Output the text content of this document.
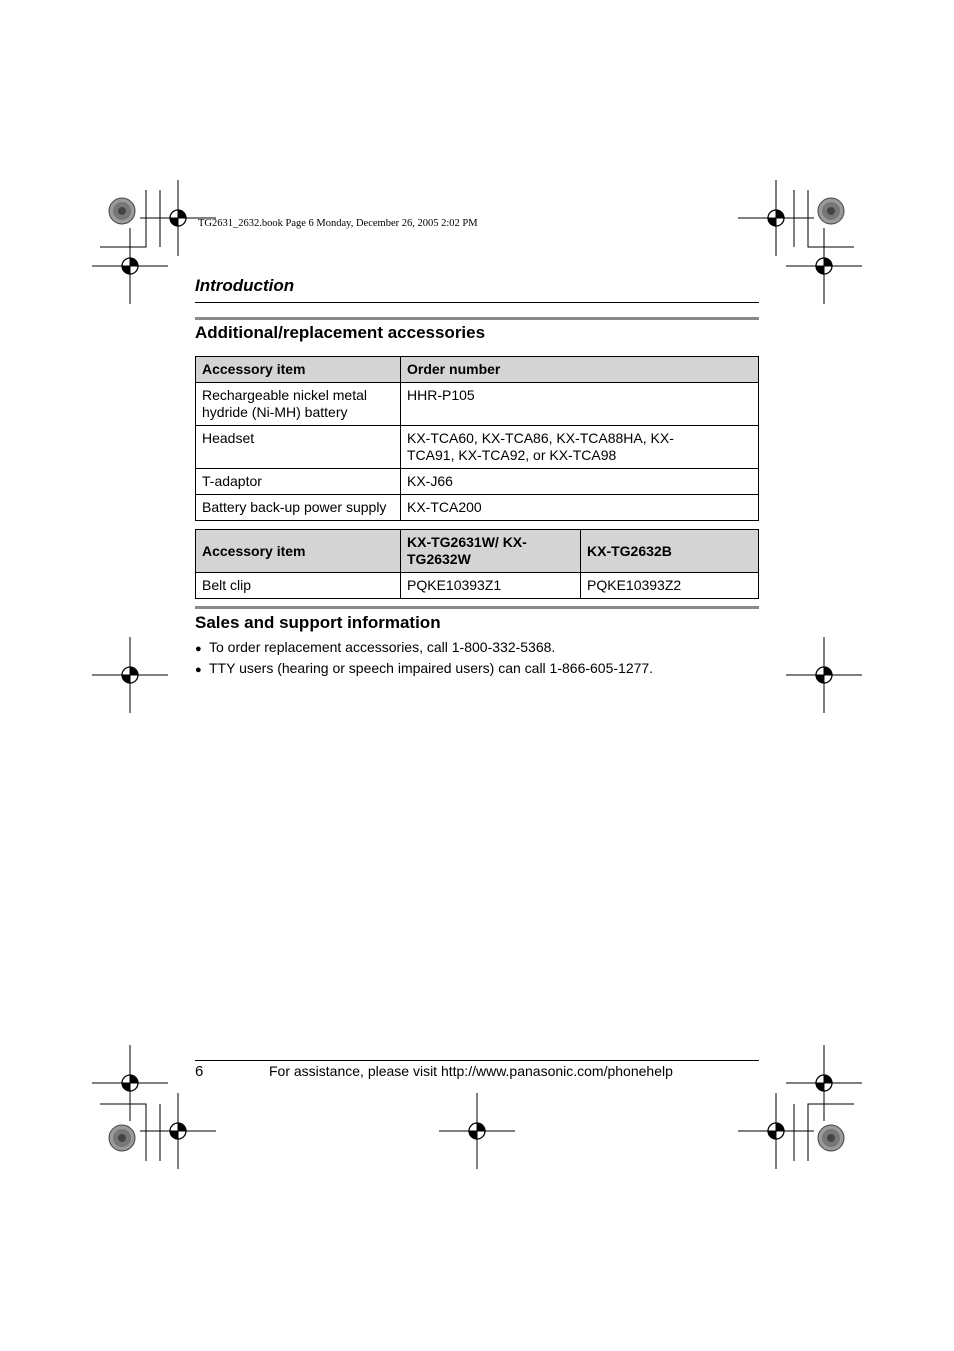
TG2631_2632.book Page 6 Monday, December 26, 2005 2:02 PM
Introduction
Additional/replacement accessories
Accessory item	Order number
Rechargeable nickel metal hydride (Ni-MH) battery	HHR-P105
Headset	KX-TCA60, KX-TCA86, KX-TCA88HA, KX-TCA91, KX-TCA92, or KX-TCA98
T-adaptor	KX-J66
Battery back-up power supply	KX-TCA200
Accessory item	KX-TG2631W/ KX-TG2632W	KX-TG2632B
Belt clip	PQKE10393Z1	PQKE10393Z2
Sales and support information
● To order replacement accessories, call 1-800-332-5368.
● TTY users (hearing or speech impaired users) can call 1-866-605-1277.
6	For assistance, please visit http://www.panasonic.com/phonehelp
